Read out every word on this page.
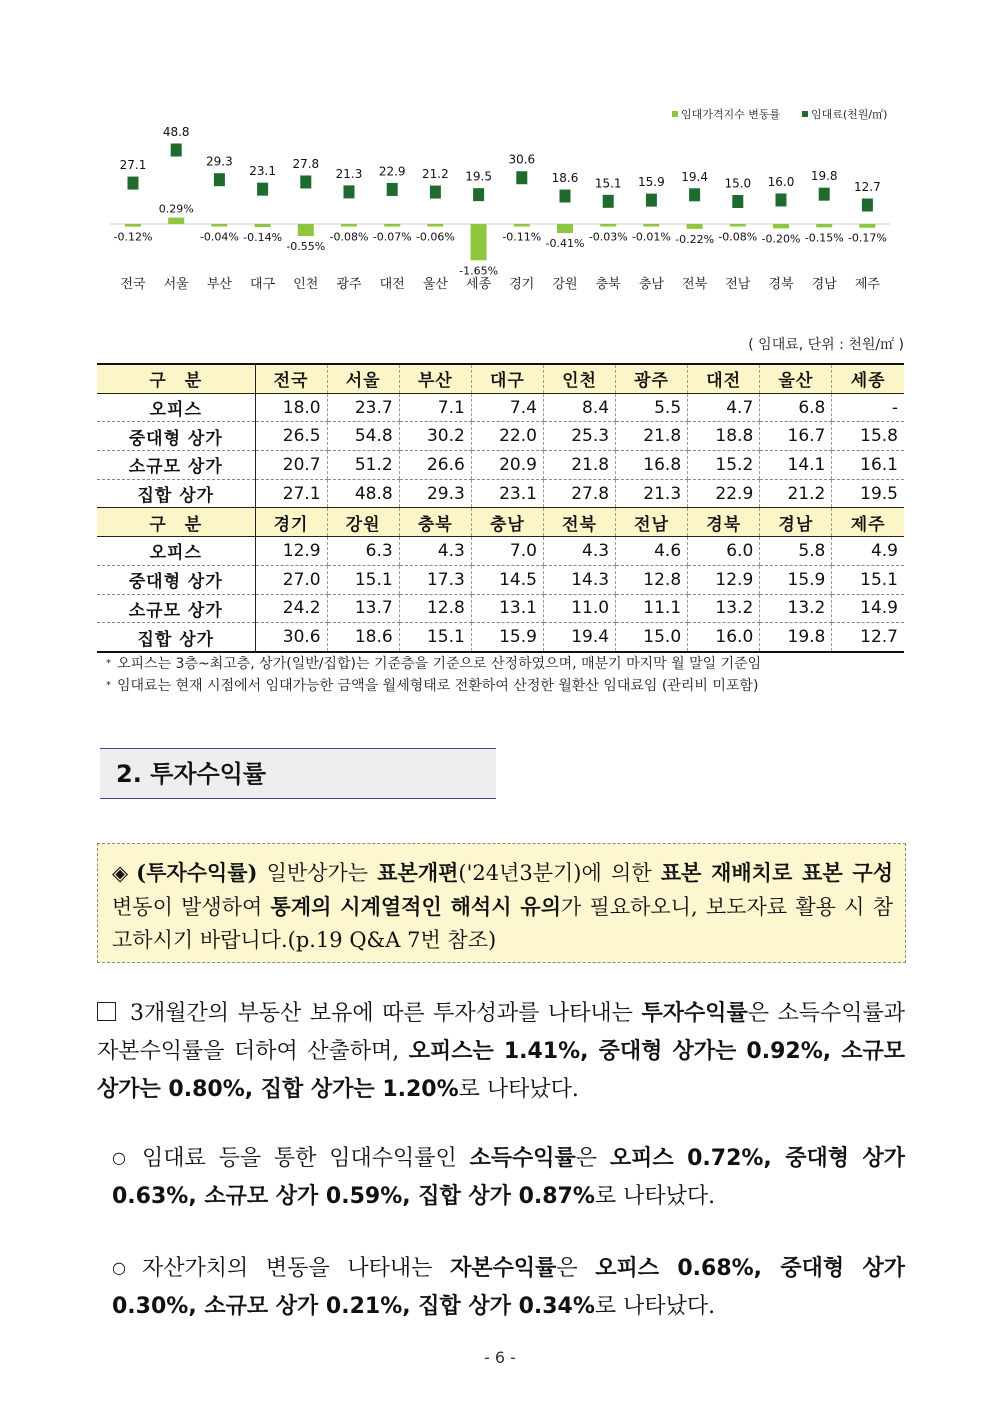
임대가격지수 변동률	임대료(천원/㎡)
-0.12%
27.1
전국
0.29%
48.8
서울
-0.04%
29.3
부산
-0.14%
23.1
대구
-0.55%
27.8
인천
-0.08%
21.3
광주
-0.07%
22.9
대전
-0.06%
21.2
울산
-1.65%
19.5
세종
-0.11%
30.6
경기
-0.41%
18.6
강원
-0.03%
15.1
충북
-0.01%
15.9
충남
-0.22%
19.4
전북
-0.08%
15.0
전남
-0.20%
16.0
경북
-0.15%
19.8
경남
-0.17%
12.7
제주
( 임대료, 단위 : 천원/㎡ )
구　분	전국	서울	부산	대구	인천	광주	대전	울산	세종
오피스	18.0	23.7	7.1	7.4	8.4	5.5	4.7	6.8	-
중대형 상가	26.5	54.8	30.2	22.0	25.3	21.8	18.8	16.7	15.8
소규모 상가	20.7	51.2	26.6	20.9	21.8	16.8	15.2	14.1	16.1
집합 상가	27.1	48.8	29.3	23.1	27.8	21.3	22.9	21.2	19.5
구　분	경기	강원	충북	충남	전북	전남	경북	경남	제주
오피스	12.9	6.3	4.3	7.0	4.3	4.6	6.0	5.8	4.9
중대형 상가	27.0	15.1	17.3	14.5	14.3	12.8	12.9	15.9	15.1
소규모 상가	24.2	13.7	12.8	13.1	11.0	11.1	13.2	13.2	14.9
집합 상가	30.6	18.6	15.1	15.9	19.4	15.0	16.0	19.8	12.7
* 오피스는 3층~최고층, 상가(일반/집합)는 기준층을 기준으로 산정하였으며, 매분기 마지막 월 말일 기준임
* 임대료는 현재 시점에서 임대가능한 금액을 월세형태로 전환하여 산정한 월환산 임대료임 (관리비 미포함)
2. 투자수익률

◈ (투자수익률) 일반상가는 표본개편('24년3분기)에 의한 표본 재배치로 표본 구성 변동이 발생하여 통계의 시계열적인 해석시 유의가 필요하오니, 보도자료 활용 시 참고하시기 바랍니다.(p.19 Q&A 7번 참조)

3개월간의 부동산 보유에 따른 투자성과를 나타내는 투자수익률은 소득수익률과 자본수익률을 더하여 산출하며, 오피스는 1.41%, 중대형 상가는 0.92%, 소규모 상가는 0.80%, 집합 상가는 1.20%로 나타났다.

○ 임대료 등을 통한 임대수익률인 소득수익률은 오피스 0.72%, 중대형 상가 0.63%, 소규모 상가 0.59%, 집합 상가 0.87%로 나타났다.

○ 자산가치의 변동을 나타내는 자본수익률은 오피스 0.68%, 중대형 상가 0.30%, 소규모 상가 0.21%, 집합 상가 0.34%로 나타났다.

- 6 -
